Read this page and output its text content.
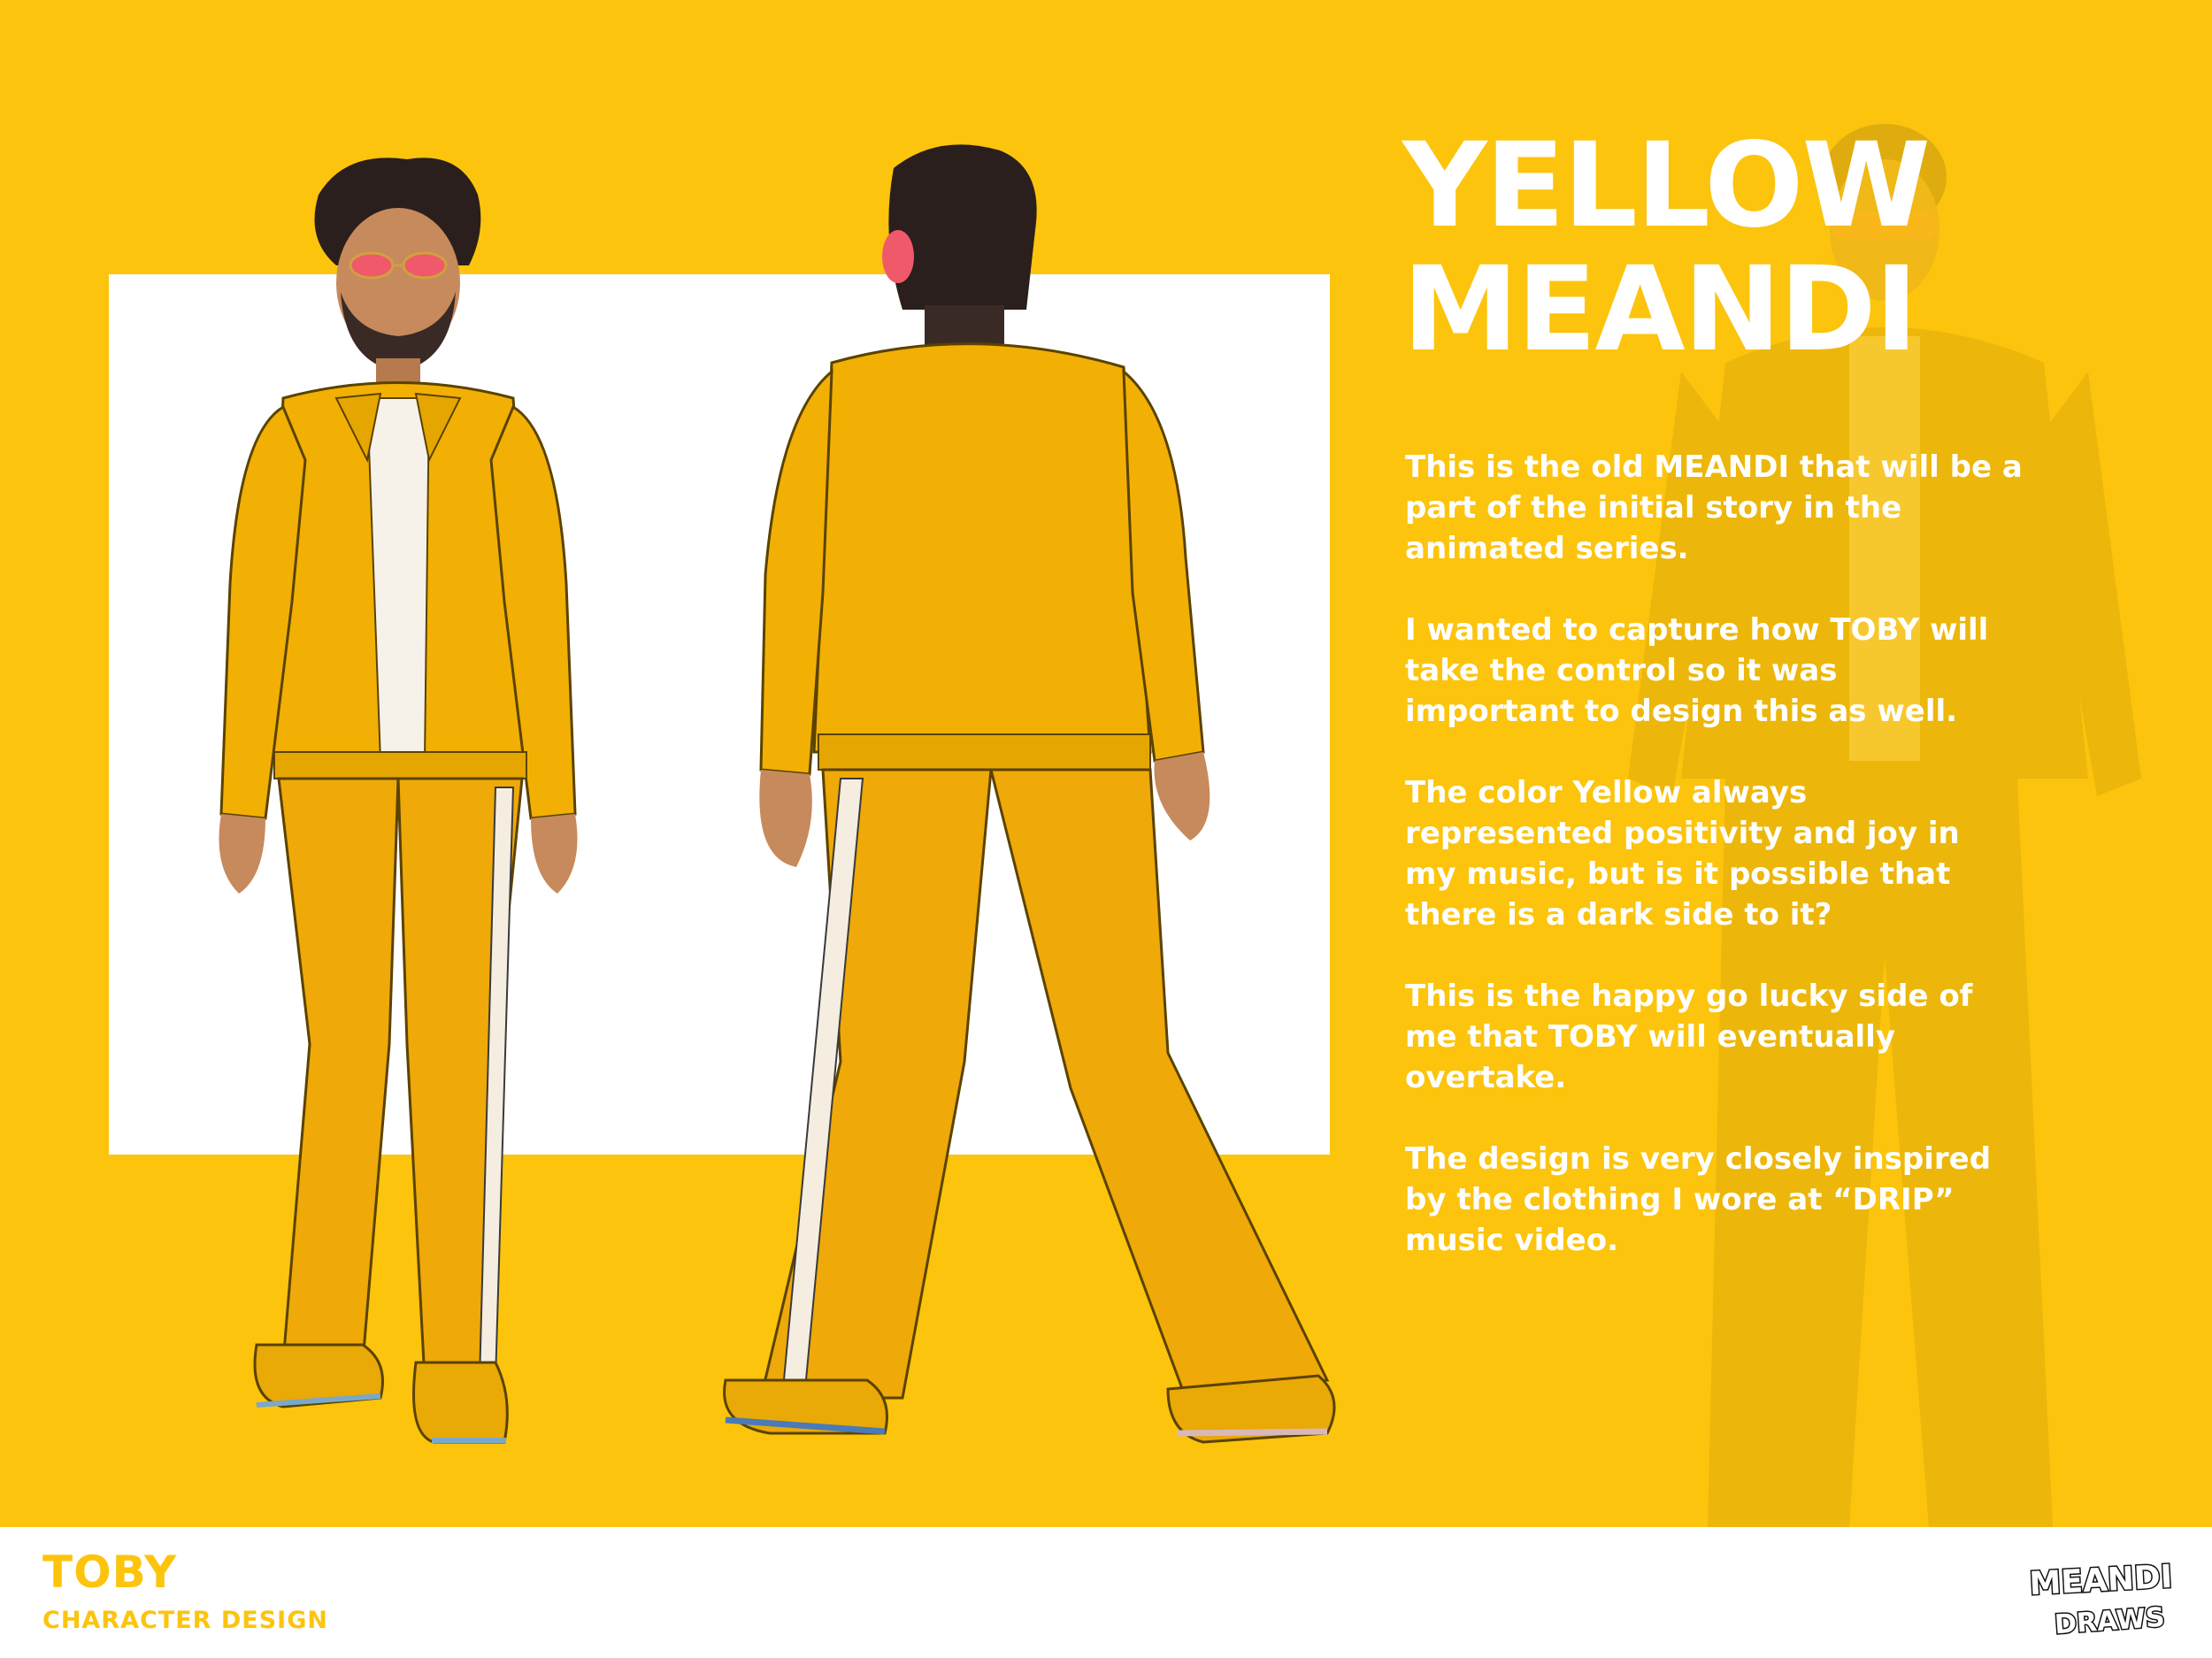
YELLOW
MEANDI

This is the old MEANDI that will be a
part of the initial story in the
animated series.

I wanted to capture how TOBY will
take the control so it was
important to design this as well.

The color Yellow always
represented positivity and joy in
my music, but is it possible that
there is a dark side to it?

This is the happy go lucky side of
me that TOBY will eventually
overtake.

The design is very closely inspired
by the clothing I wore at “DRIP”
music video.

TOBY
CHARACTER DESIGN
MEANDI
DRAWS
